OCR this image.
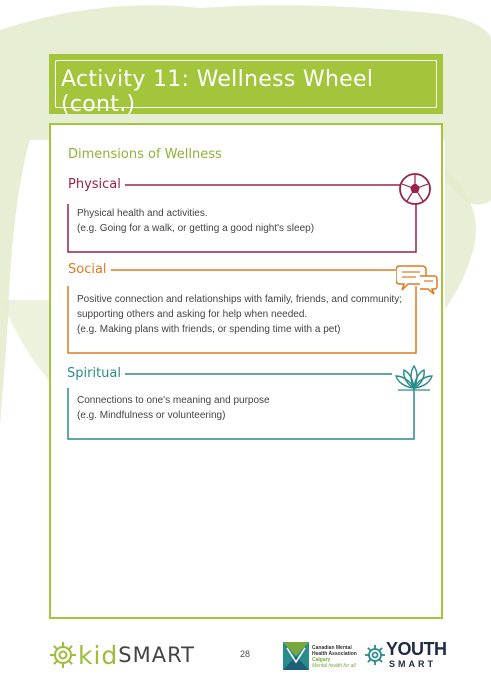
Activity 11: Wellness Wheel (cont.)
Dimensions of Wellness
Physical
Physical health and activities.
(e.g. Going for a walk, or getting a good night's sleep)
Social
Positive connection and relationships with family, friends, and community;
supporting others and asking for help when needed.
(e.g. Making plans with friends, or spending time with a pet)
Spiritual
Connections to one's meaning and purpose
(e.g. Mindfulness or volunteering)
kid SMART	28
Canadian Mental
Health Association
Calgary
Mental health for all
YOUTH
SMART
